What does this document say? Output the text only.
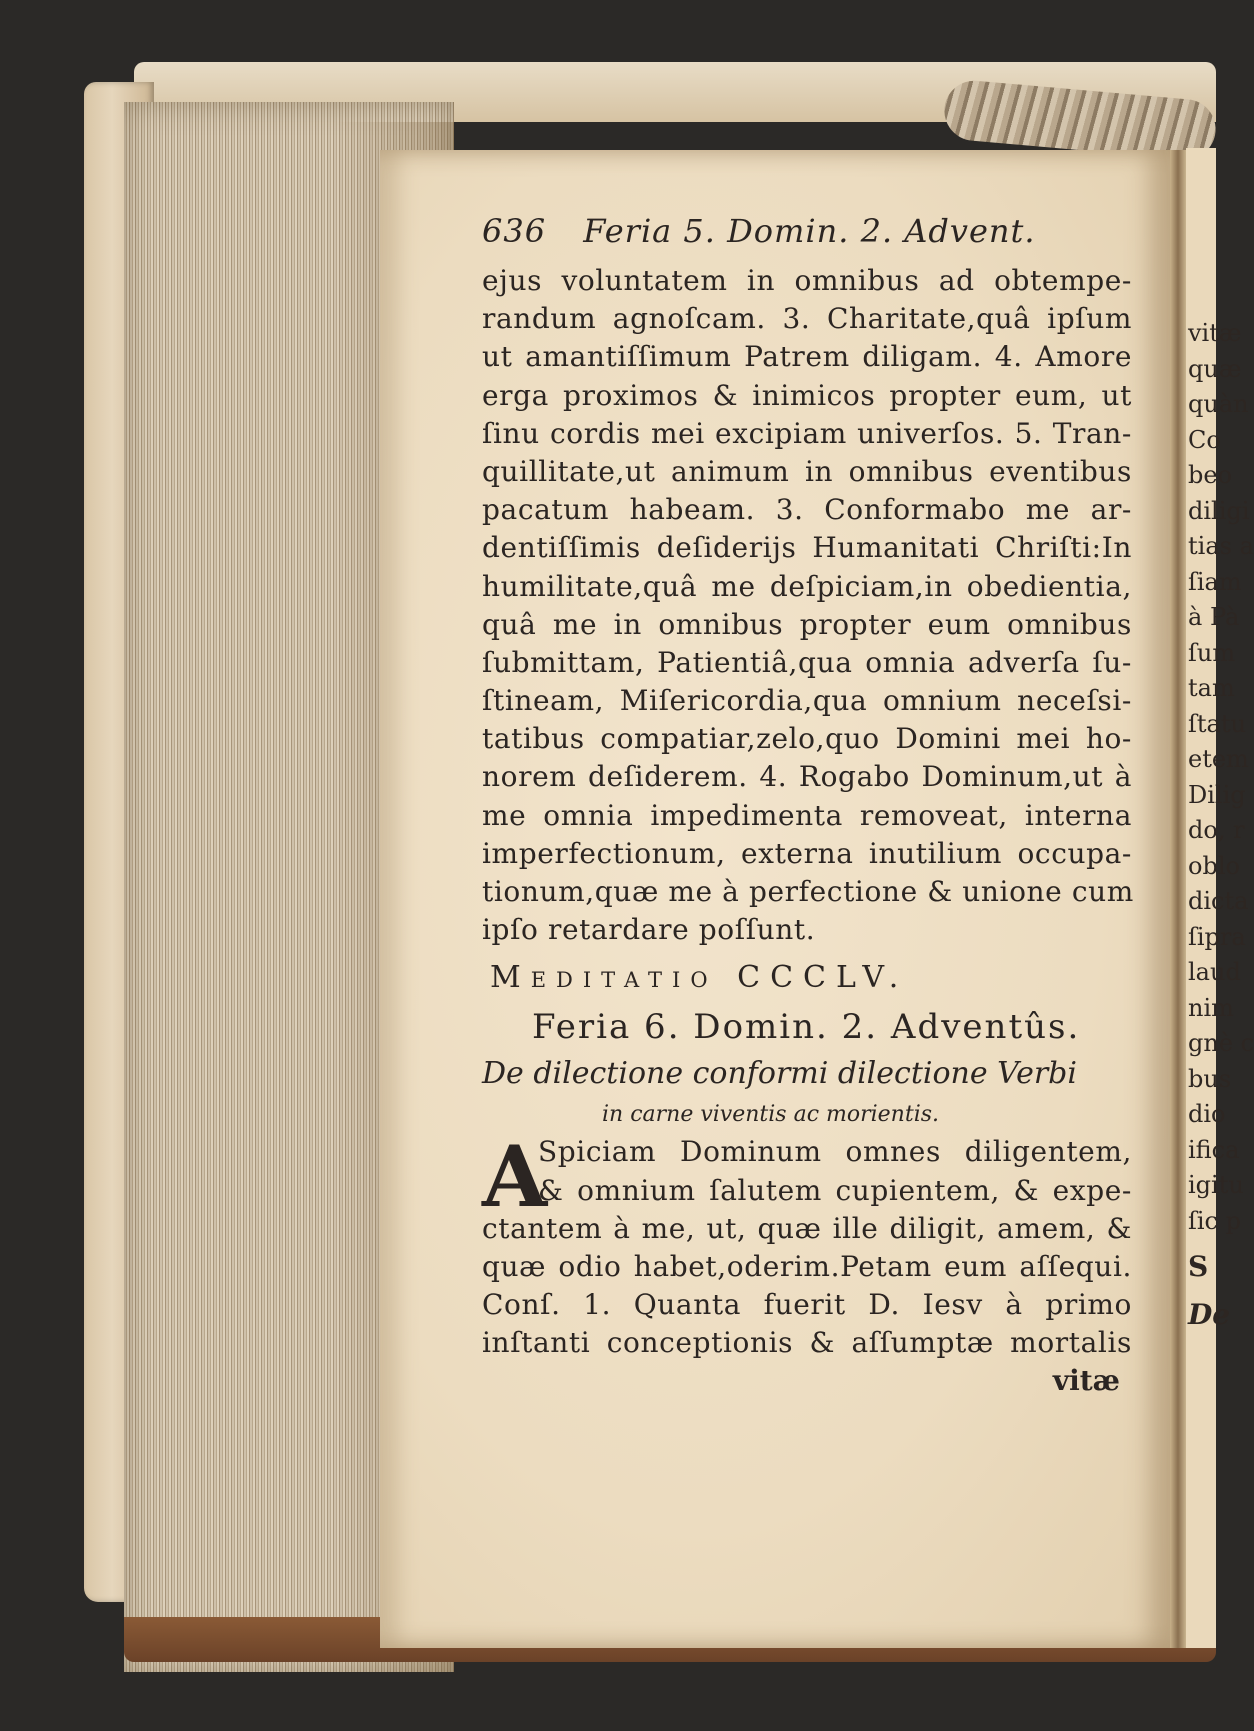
vitæ
quæ
quàn
Co
beo
diligi
tias a
ſiam
à Pà
ſum
tam
ſtatu
etem
Dilig
do, r
oblo
dicta
ſipra
laud
nim
gnè c
bus
dio
ifica
igitu
ſic p
S
De
636 Feria 5. Domin. 2. Advent.
ejus voluntatem in omnibus ad obtempe-
randum agnoſcam. 3. Charitate,quâ ipſum
ut amantiſſimum Patrem diligam. 4. Amore
erga proximos & inimicos propter eum, ut
ſinu cordis mei excipiam univerſos. 5. Tran-
quillitate,ut animum in omnibus eventibus
pacatum habeam. 3. Conformabo me ar-
dentiſſimis deſiderijs Humanitati Chriſti:In
humilitate,quâ me deſpiciam,in obedientia,
quâ me in omnibus propter eum omnibus
ſubmittam, Patientiâ,qua omnia adverſa ſu-
ſtineam, Miſericordia,qua omnium neceſsi-
tatibus compatiar,zelo,quo Domini mei ho-
norem deſiderem. 4. Rogabo Dominum,ut à
me omnia impedimenta removeat, interna
imperfectionum, externa inutilium occupa-
tionum,quæ me à perfectione & unione cum
ipſo retardare poſſunt.
Meditatio CCCLV.
Feria 6. Domin. 2. Adventûs.
De dilectione conformi dilectione Verbi
in carne viventis ac morientis.
A
Spiciam Dominum omnes diligentem,
& omnium ſalutem cupientem, & expe-
ctantem à me, ut, quæ ille diligit, amem, &
quæ odio habet,oderim.Petam eum aſſequi.
Conſ. 1. Quanta fuerit D. Iesv à primo
inſtanti conceptionis & aſſumptæ mortalis
vitæ
